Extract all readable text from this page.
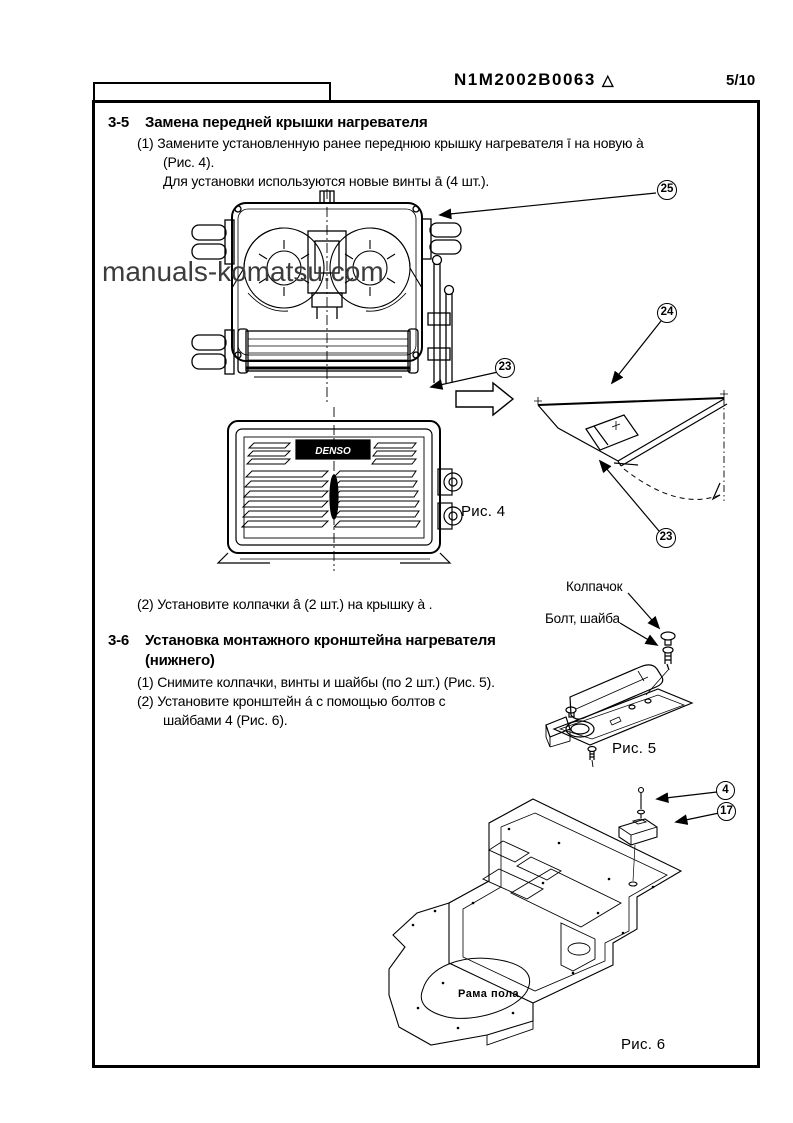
N1M2002B0063 △	5/10
3-5 Замена передней крышки нагревателя
(1) Замените установленную ранее переднюю крышку нагревателя ī на новую à
(Рис. 4).
Для установки используются новые винты ā (4 шт.).
manuals-komatsu.com
DENSO
Рис. 4
(2) Установите колпачки â (2 шт.) на крышку à .
3-6 Установка монтажного кронштейна нагревателя
(нижнего)
(1) Снимите колпачки, винты и шайбы (по 2 шт.) (Рис. 5).
(2) Установите кронштейн á с помощью болтов с
шайбами 4 (Рис. 6).
Колпачок
Болт, шайба
Рис. 5
Рама пола
Рис. 6
25
24
23
23
4
17
